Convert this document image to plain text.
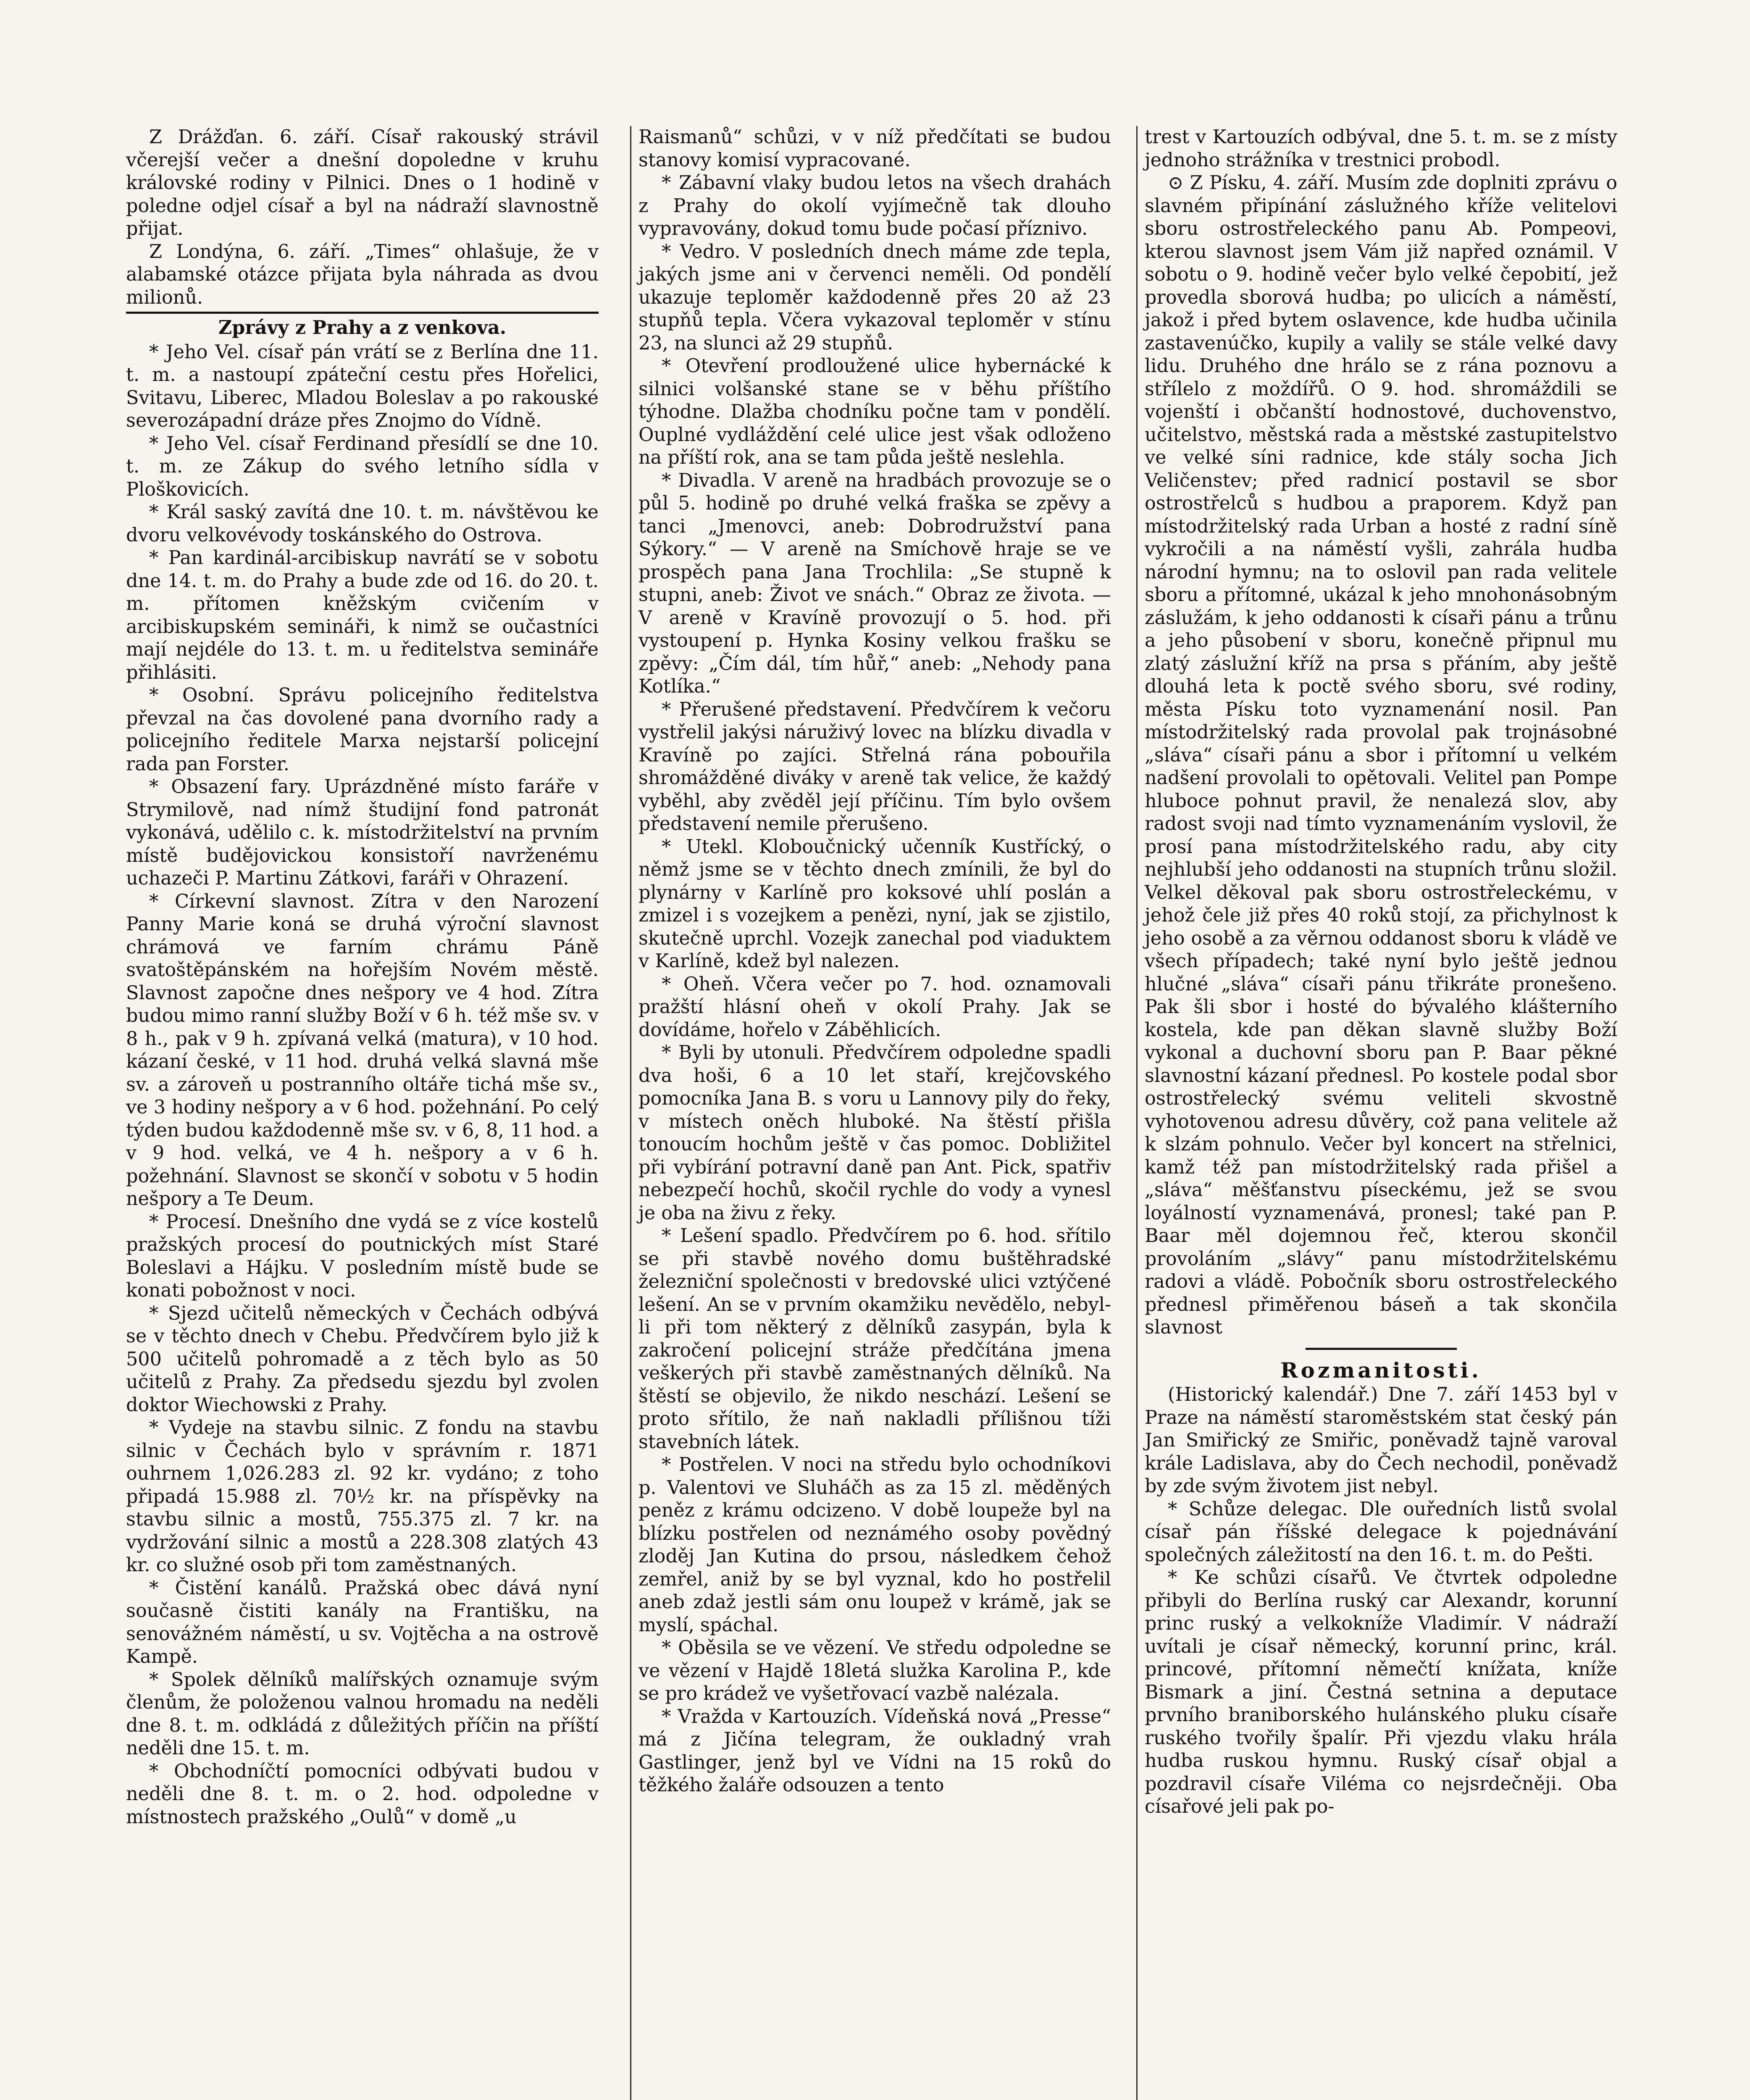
Z Drážďan. 6. září. Císař rakouský strávil včerejší večer a dnešní dopoledne v kruhu královské rodiny v Pilnici. Dnes o 1 hodině v poledne odjel císař a byl na nádraží slavnostně přijat.

Z Londýna, 6. září. „Times“ ohlašuje, že v alabamské otázce přijata byla náhrada as dvou milionů.

Zprávy z Prahy a z venkova.

* Jeho Vel. císař pán vrátí se z Berlína dne 11. t. m. a nastoupí zpáteční cestu přes Hořelici, Svitavu, Liberec, Mladou Boleslav a po rakouské severozápadní dráze přes Znojmo do Vídně.

* Jeho Vel. císař Ferdinand přesídlí se dne 10. t. m. ze Zákup do svého letního sídla v Ploškovicích.

* Král saský zavítá dne 10. t. m. návštěvou ke dvoru velkovévody toskánského do Ostrova.

* Pan kardinál-arcibiskup navrátí se v sobotu dne 14. t. m. do Prahy a bude zde od 16. do 20. t. m. přítomen kněžským cvičením v arcibiskupském semináři, k nimž se oučastníci mají nejdéle do 13. t. m. u ředitelstva semináře přihlásiti.

* Osobní. Správu policejního ředitelstva převzal na čas dovolené pana dvorního rady a policejního ředitele Marxa nejstarší policejní rada pan Forster.

* Obsazení fary. Uprázdněné místo faráře v Strymilově, nad nímž študijní fond patronát vykonává, udělilo c. k. místodržitelství na prvním místě budějovickou konsistoří navrženému uchazeči P. Martinu Zátkovi, faráři v Ohrazení.

* Církevní slavnost. Zítra v den Narození Panny Marie koná se druhá výroční slavnost chrámová ve farním chrámu Páně svatoštěpánském na hořejším Novém městě. Slavnost započne dnes nešpory ve 4 hod. Zítra budou mimo ranní služby Boží v 6 h. též mše sv. v 8 h., pak v 9 h. zpívaná velká (matura), v 10 hod. kázaní české, v 11 hod. druhá velká slavná mše sv. a zároveň u postranního oltáře tichá mše sv., ve 3 hodiny nešpory a v 6 hod. požehnání. Po celý týden budou každodenně mše sv. v 6, 8, 11 hod. a v 9 hod. velká, ve 4 h. nešpory a v 6 h. požehnání. Slavnost se skončí v sobotu v 5 hodin nešpory a Te Deum.

* Procesí. Dnešního dne vydá se z více kostelů pražských procesí do poutnických míst Staré Boleslavi a Hájku. V posledním místě bude se konati pobožnost v noci.

* Sjezd učitelů německých v Čechách odbývá se v těchto dnech v Chebu. Předvčírem bylo již k 500 učitelů pohromadě a z těch bylo as 50 učitelů z Prahy. Za předsedu sjezdu byl zvolen doktor Wiechowski z Prahy.

* Vydeje na stavbu silnic. Z fondu na stavbu silnic v Čechách bylo v správním r. 1871 ouhrnem 1,026.283 zl. 92 kr. vydáno; z toho připadá 15.988 zl. 70½ kr. na příspěvky na stavbu silnic a mostů, 755.375 zl. 7 kr. na vydržování silnic a mostů a 228.308 zlatých 43 kr. co služné osob při tom zaměstnaných.

* Čistění kanálů. Pražská obec dává nyní současně čistiti kanály na Františku, na senovážném náměstí, u sv. Vojtěcha a na ostrově Kampě.

* Spolek dělníků malířských oznamuje svým členům, že položenou valnou hromadu na neděli dne 8. t. m. odkládá z důležitých příčin na příští neděli dne 15. t. m.

* Obchodníčtí pomocníci odbývati budou v neděli dne 8. t. m. o 2. hod. odpoledne v místnostech pražského „Oulů“ v domě „u

Raismanů“ schůzi, v v níž předčítati se budou stanovy komisí vypracované.

* Zábavní vlaky budou letos na všech drahách z Prahy do okolí vyjímečně tak dlouho vypravovány, dokud tomu bude počasí příznivo.

* Vedro. V posledních dnech máme zde tepla, jakých jsme ani v červenci neměli. Od pondělí ukazuje teploměr každodenně přes 20 až 23 stupňů tepla. Včera vykazoval teploměr v stínu 23, na slunci až 29 stupňů.

* Otevření prodloužené ulice hybernácké k silnici volšanské stane se v běhu příštího týhodne. Dlažba chodníku počne tam v pondělí. Ouplné vydláždění celé ulice jest však odloženo na příští rok, ana se tam půda ještě neslehla.

* Divadla. V areně na hradbách provozuje se o půl 5. hodině po druhé velká fraška se zpěvy a tanci „Jmenovci, aneb: Dobrodružství pana Sýkory.“ — V areně na Smíchově hraje se ve prospěch pana Jana Trochlila: „Se stupně k stupni, aneb: Život ve snách.“ Obraz ze života. — V areně v Kravíně provozují o 5. hod. při vystoupení p. Hynka Kosiny velkou frašku se zpěvy: „Čím dál, tím hůř,“ aneb: „Nehody pana Kotlíka.“

* Přerušené představení. Předvčírem k večoru vystřelil jakýsi náruživý lovec na blízku divadla v Kravíně po zajíci. Střelná rána pobouřila shromážděné diváky v areně tak velice, že každý vyběhl, aby zvěděl její příčinu. Tím bylo ovšem představení nemile přerušeno.

* Utekl. Kloboučnický učenník Kustřícký, o němž jsme se v těchto dnech zmínili, že byl do plynárny v Karlíně pro koksové uhlí poslán a zmizel i s vozejkem a penězi, nyní, jak se zjistilo, skutečně uprchl. Vozejk zanechal pod viaduktem v Karlíně, kdež byl nalezen.

* Oheň. Včera večer po 7. hod. oznamovali pražští hlásní oheň v okolí Prahy. Jak se dovídáme, hořelo v Záběhlicích.

* Byli by utonuli. Předvčírem odpoledne spadli dva hoši, 6 a 10 let staří, krejčovského pomocníka Jana B. s voru u Lannovy pily do řeky, v místech oněch hluboké. Na štěstí přišla tonoucím hochům ještě v čas pomoc. Dobližitel při vybírání potravní daně pan Ant. Pick, spatřiv nebezpečí hochů, skočil rychle do vody a vynesl je oba na živu z řeky.

* Lešení spadlo. Předvčírem po 6. hod. sřítilo se při stavbě nového domu buštěhradské železniční společnosti v bredovské ulici vztýčené lešení. An se v prvním okamžiku nevědělo, nebyl-li při tom některý z dělníků zasypán, byla k zakročení policejní stráže předčítána jmena veškerých při stavbě zaměstnaných dělníků. Na štěstí se objevilo, že nikdo neschází. Lešení se proto sřítilo, že naň nakladli přílišnou tíži stavebních látek.

* Postřelen. V noci na středu bylo ochodníkovi p. Valentovi ve Sluháčh as za 15 zl. měděných peněz z krámu odcizeno. V době loupeže byl na blízku postřelen od neznámého osoby povědný zloděj Jan Kutina do prsou, následkem čehož zemřel, aniž by se byl vyznal, kdo ho postřelil aneb zdaž jestli sám onu loupež v krámě, jak se myslí, spáchal.

* Oběsila se ve vězení. Ve středu odpoledne se ve vězení v Hajdě 18letá služka Karolina P., kde se pro krádež ve vyšetřovací vazbě nalézala.

* Vražda v Kartouzích. Vídeňská nová „Presse“ má z Jičína telegram, že oukladný vrah Gastlinger, jenž byl ve Vídni na 15 roků do těžkého žaláře odsouzen a tento

trest v Kartouzích odbýval, dne 5. t. m. se z místy jednoho strážníka v trestnici probodl.

⊙ Z Písku, 4. září. Musím zde doplniti zprávu o slavném připínání záslužného kříže velitelovi sboru ostrostřeleckého panu Ab. Pompeovi, kterou slavnost jsem Vám již napřed oznámil. V sobotu o 9. hodině večer bylo velké čepobití, jež provedla sborová hudba; po ulicích a náměstí, jakož i před bytem oslavence, kde hudba učinila zastavenúčko, kupily a valily se stále velké davy lidu. Druhého dne hrálo se z rána poznovu a střílelo z moždířů. O 9. hod. shromáždili se vojenští i občanští hodnostové, duchovenstvo, učitelstvo, městská rada a městské zastupitelstvo ve velké síni radnice, kde stály socha Jich Veličenstev; před radnicí postavil se sbor ostrostřelců s hudbou a praporem. Když pan místodržitelský rada Urban a hosté z radní síně vykročili a na náměstí vyšli, zahrála hudba národní hymnu; na to oslovil pan rada velitele sboru a přítomné, ukázal k jeho mnohonásobným záslužám, k jeho oddanosti k císaři pánu a trůnu a jeho působení v sboru, konečně připnul mu zlatý záslužní kříž na prsa s přáním, aby ještě dlouhá leta k poctě svého sboru, své rodiny, města Písku toto vyznamenání nosil. Pan místodržitelský rada provolal pak trojnásobné „sláva“ císaři pánu a sbor i přítomní u velkém nadšení provolali to opětovali. Velitel pan Pompe hluboce pohnut pravil, že nenalezá slov, aby radost svoji nad tímto vyznamenáním vyslovil, že prosí pana místodržitelského radu, aby city nejhlubší jeho oddanosti na stupních trůnu složil. Velkel děkoval pak sboru ostrostřeleckému, v jehož čele již přes 40 roků stojí, za přichylnost k jeho osobě a za věrnou oddanost sboru k vládě ve všech případech; také nyní bylo ještě jednou hlučné „sláva“ císaři pánu třikráte pronešeno. Pak šli sbor i hosté do bývalého klášterního kostela, kde pan děkan slavně služby Boží vykonal a duchovní sboru pan P. Baar pěkné slavnostní kázaní přednesl. Po kostele podal sbor ostrostřelecký svému veliteli skvostně vyhotovenou adresu důvěry, což pana velitele až k slzám pohnulo. Večer byl koncert na střelnici, kamž též pan místodržitelský rada přišel a „sláva“ měšťanstvu píseckému, jež se svou loyálností vyznamenává, pronesl; také pan P. Baar měl dojemnou řeč, kterou skončil provoláním „slávy“ panu místodržitelskému radovi a vládě. Pobočník sboru ostrostřeleckého přednesl přiměřenou báseň a tak skončila slavnost

Rozmanitosti.

(Historický kalendář.) Dne 7. září 1453 byl v Praze na náměstí staroměstském stat český pán Jan Smiřický ze Smiřic, poněvadž tajně varoval krále Ladislava, aby do Čech nechodil, poněvadž by zde svým životem jist nebyl.

* Schůze delegac. Dle ouředních listů svolal císař pán říšské delegace k pojednávání společných záležitostí na den 16. t. m. do Pešti.

* Ke schůzi císařů. Ve čtvrtek odpoledne přibyli do Berlína ruský car Alexandr, korunní princ ruský a velkokníže Vladimír. V nádraží uvítali je císař německý, korunní princ, král. princové, přítomní němečtí knížata, kníže Bismark a jiní. Čestná setnina a deputace prvního braniborského hulánského pluku císaře ruského tvořily špalír. Při vjezdu vlaku hrála hudba ruskou hymnu. Ruský císař objal a pozdravil císaře Viléma co nejsrdečněji. Oba císařové jeli pak po-
